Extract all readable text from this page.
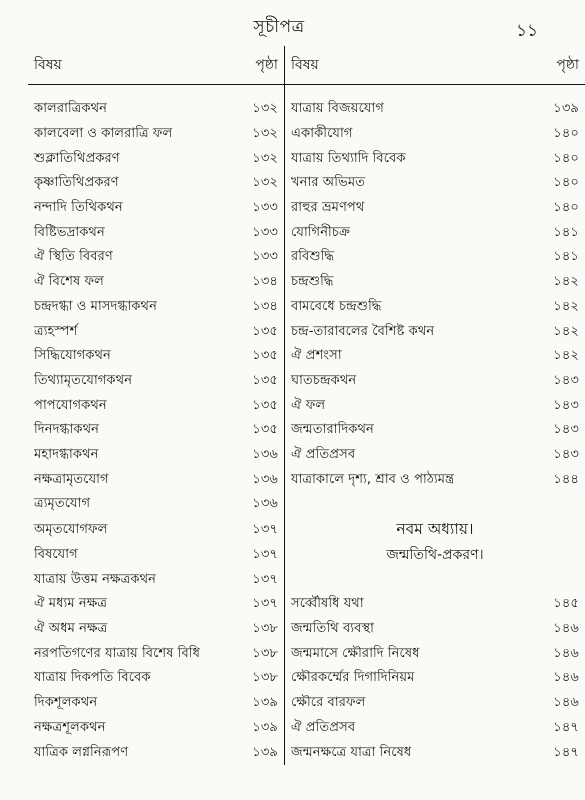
সূচীপত্র	১১
বিষয়	পৃষ্ঠা	বিষয়	পৃষ্ঠা

কালরাত্রিকথন	১৩২	যাত্রায় বিজয়যোগ	১৩৯
কালবেলা ও কালরাত্রি ফল	১৩২	একাকীযোগ	১৪০
শুক্লাতিথিপ্রকরণ	১৩২	যাত্রায় তিথ্যাদি বিবেক	১৪০
কৃষ্ণাতিথিপ্রকরণ	১৩২	খনার অভিমত	১৪০
নন্দাদি তিথিকথন	১৩৩	রাহুর ভ্রমণপথ	১৪০
বিষ্টিভদ্রাকথন	১৩৩	যোগিনীচক্র	১৪১
ঐ স্থিতি বিবরণ	১৩৩	রবিশুদ্ধি	১৪১
ঐ বিশেষ ফল	১৩৪	চন্দ্রশুদ্ধি	১৪২
চন্দ্রদগ্ধা ও মাসদগ্ধাকথন	১৩৪	বামবেধে চন্দ্রশুদ্ধি	১৪২
ত্র্যহস্পর্শ	১৩৫	চন্দ্র-তারাবলের বৈশিষ্ট কথন	১৪২
সিদ্ধিযোগকথন	১৩৫	ঐ প্রশংসা	১৪২
তিথ্যামৃতযোগকথন	১৩৫	ঘাতচন্দ্রকথন	১৪৩
পাপযোগকথন	১৩৫	ঐ ফল	১৪৩
দিনদগ্ধাকথন	১৩৫	জন্মতারাদিকথন	১৪৩
মহাদগ্ধাকথন	১৩৬	ঐ প্রতিপ্রসব	১৪৩
নক্ষত্রামৃতযোগ	১৩৬	যাত্রাকালে দৃশ্য, শ্রাব ও পাঠ্যমন্ত্র	১৪৪
ত্র্যমৃতযোগ	১৩৬		
অমৃতযোগফল	১৩৭	নবম অধ্যায়।	
বিষযোগ	১৩৭	জন্মতিথি-প্রকরণ।	
যাত্রায় উত্তম নক্ষত্রকথন	১৩৭		
ঐ মধ্যম নক্ষত্র	১৩৭	সর্ব্বৌষধি যথা	১৪৫
ঐ অধম নক্ষত্র	১৩৮	জন্মতিথি ব্যবস্থা	১৪৬
নরপতিগণের যাত্রায় বিশেষ বিধি	১৩৮	জন্মমাসে ক্ষৌরাদি নিষেধ	১৪৬
যাত্রায় দিকপতি বিবেক	১৩৮	ক্ষৌরকর্ম্মের দিগাদিনিয়ম	১৪৬
দিকশূলকথন	১৩৯	ক্ষৌরে বারফল	১৪৬
নক্ষত্রশূলকথন	১৩৯	ঐ প্রতিপ্রসব	১৪৭
যাত্রিক লগ্ননিরূপণ	১৩৯	জন্মনক্ষত্রে যাত্রা নিষেধ	১৪৭
